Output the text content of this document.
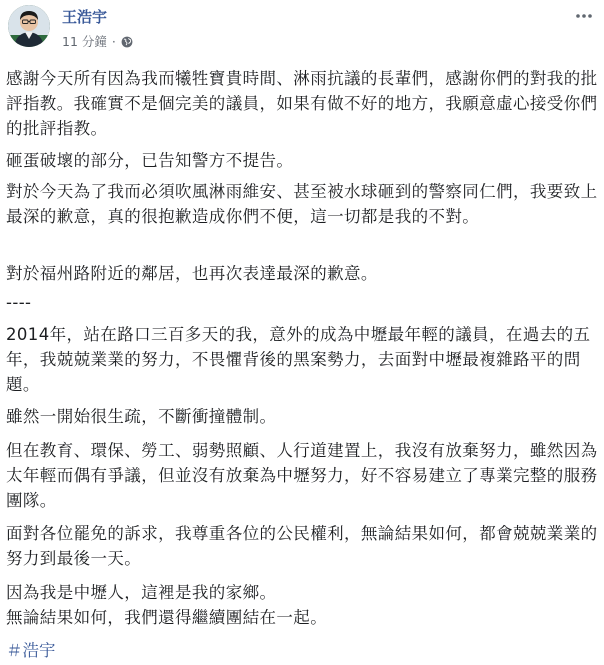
王浩宇
11 分鐘 ·

感謝今天所有因為我而犧牲寶貴時間、淋雨抗議的長輩們，感謝你們的對我的批評指教。我確實不是個完美的議員，如果有做不好的地方，我願意虛心接受你們的批評指教。

砸蛋破壞的部分，已告知警方不提告。

對於今天為了我而必須吹風淋雨維安、甚至被水球砸到的警察同仁們，我要致上最深的歉意，真的很抱歉造成你們不便，這一切都是我的不對。

對於福州路附近的鄰居，也再次表達最深的歉意。

----

2014年，站在路口三百多天的我，意外的成為中壢最年輕的議員，在過去的五年，我兢兢業業的努力，不畏懼背後的黑案勢力，去面對中壢最複雜路平的問題。

雖然一開始很生疏，不斷衝撞體制。

但在教育、環保、勞工、弱勢照顧、人行道建置上，我沒有放棄努力，雖然因為太年輕而偶有爭議，但並沒有放棄為中壢努力，好不容易建立了專業完整的服務團隊。

面對各位罷免的訴求，我尊重各位的公民權利，無論結果如何，都會兢兢業業的努力到最後一天。

因為我是中壢人，這裡是我的家鄉。
無論結果如何，我們還得繼續團結在一起。

＃浩宇
